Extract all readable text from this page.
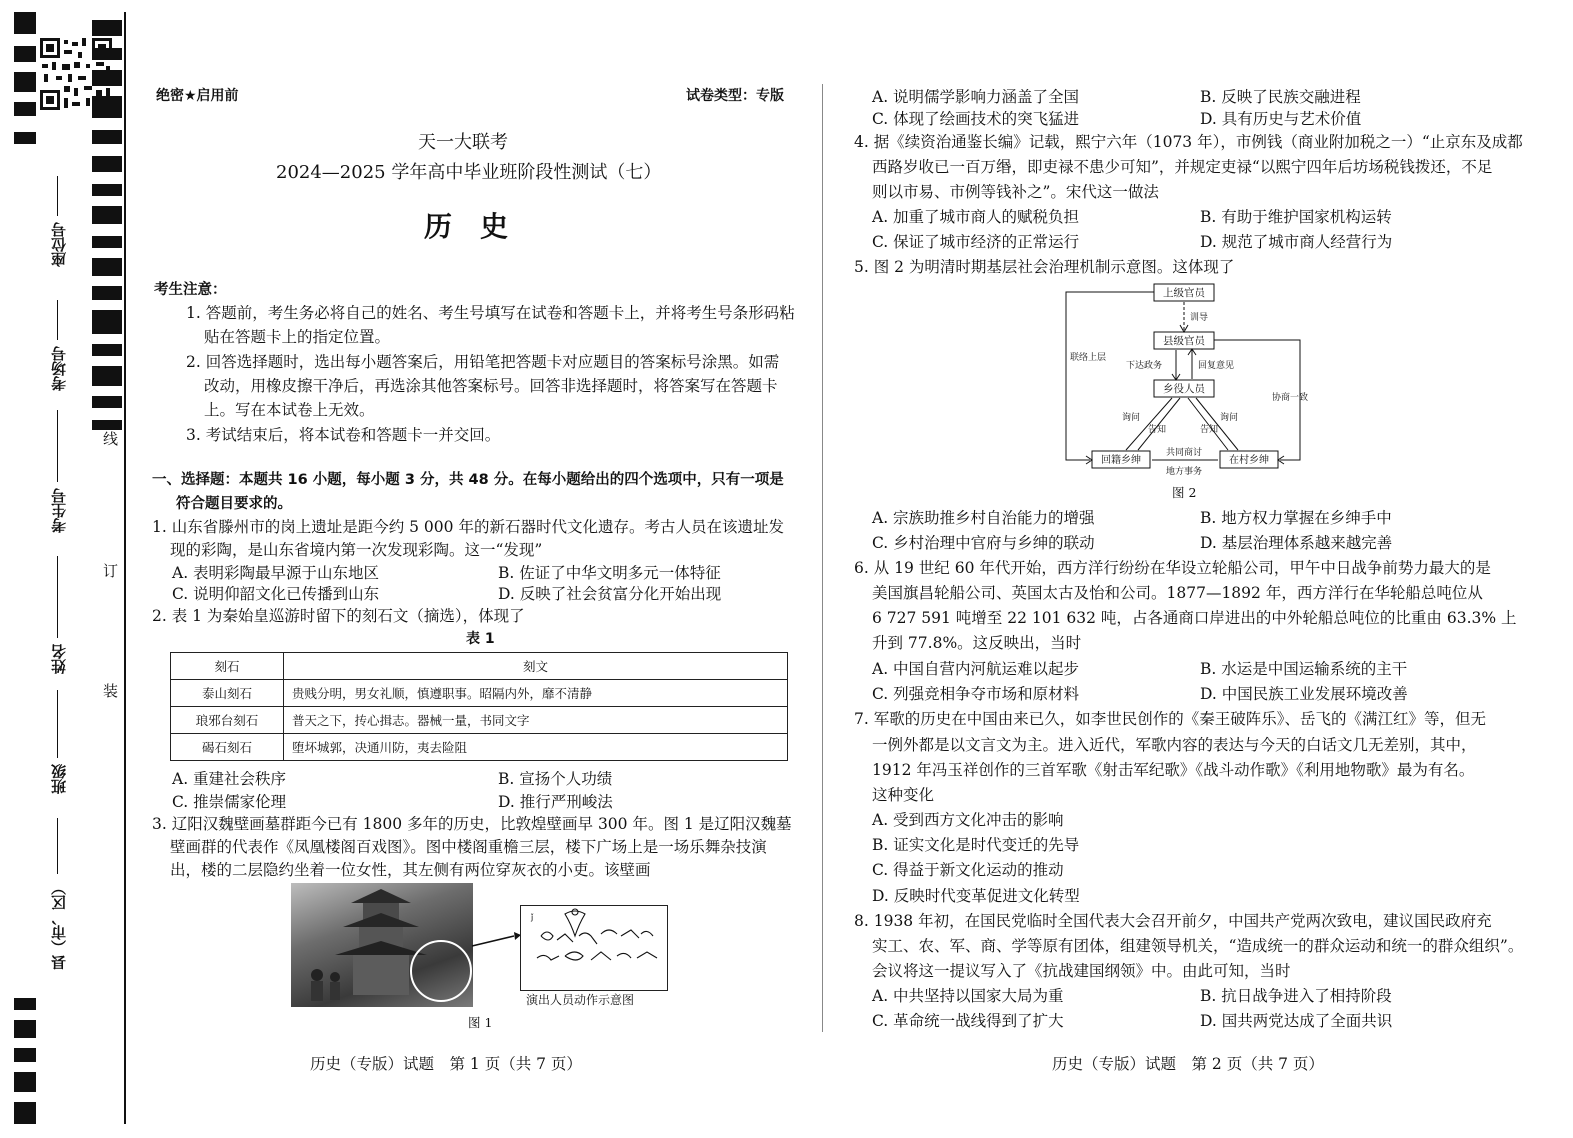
座位号
考场号
考生号
姓名
班级
县（市、区）
线
订
装
绝密★启用前	试卷类型：专版
天一大联考
2024—2025 学年高中毕业班阶段性测试（七）
历　史
考生注意：
1. 答题前，考生务必将自己的姓名、考生号填写在试卷和答题卡上，并将考生号条形码粘
贴在答题卡上的指定位置。
2. 回答选择题时，选出每小题答案后，用铅笔把答题卡对应题目的答案标号涂黑。如需
改动，用橡皮擦干净后，再选涂其他答案标号。回答非选择题时，将答案写在答题卡
上。写在本试卷上无效。
3. 考试结束后，将本试卷和答题卡一并交回。
一、选择题：本题共 16 小题，每小题 3 分，共 48 分。在每小题给出的四个选项中，只有一项是
符合题目要求的。
1. 山东省滕州市的岗上遗址是距今约 5 000 年的新石器时代文化遗存。考古人员在该遗址发
现的彩陶，是山东省境内第一次发现彩陶。这一“发现”
A. 表明彩陶最早源于山东地区	B. 佐证了中华文明多元一体特征
C. 说明仰韶文化已传播到山东	D. 反映了社会贫富分化开始出现
2. 表 1 为秦始皇巡游时留下的刻石文（摘选），体现了
表 1
刻石	刻文
泰山刻石	贵贱分明，男女礼顺，慎遵职事。昭隔内外，靡不清静
琅邪台刻石	普天之下，抟心揖志。器械一量，书同文字
碣石刻石	堕坏城郭，决通川防，夷去险阻
A. 重建社会秩序	B. 宣扬个人功绩
C. 推崇儒家伦理	D. 推行严刑峻法
3. 辽阳汉魏壁画墓群距今已有 1800 多年的历史，比敦煌壁画早 300 年。图 1 是辽阳汉魏墓
壁画群的代表作《凤凰楼阁百戏图》。图中楼阁重檐三层，楼下广场上是一场乐舞杂技演
出，楼的二层隐约坐着一位女性，其左侧有两位穿灰衣的小吏。该壁画
ǰ
演出人员动作示意图
图 1
历史（专版）试题　第 1 页（共 7 页）
A. 说明儒学影响力涵盖了全国	B. 反映了民族交融进程
C. 体现了绘画技术的突飞猛进	D. 具有历史与艺术价值
4. 据《续资治通鉴长编》记载，熙宁六年（1073 年），市例钱（商业附加税之一）“止京东及成都
西路岁收已一百万缗，即吏禄不患少可知”，并规定吏禄“以熙宁四年后坊场税钱拨还，不足
则以市易、市例等钱补之”。宋代这一做法
A. 加重了城市商人的赋税负担	B. 有助于维护国家机构运转
C. 保证了城市经济的正常运行	D. 规范了城市商人经营行为
5. 图 2 为明清时期基层社会治理机制示意图。这体现了
上级官员
县级官员
乡役人员
回籍乡绅	在村乡绅
训导
下达政务	回复意见
联络上层
协商一致
询问	询问
告知	告知
共同商讨
地方事务
图 2
A. 宗族助推乡村自治能力的增强	B. 地方权力掌握在乡绅手中
C. 乡村治理中官府与乡绅的联动	D. 基层治理体系越来越完善
6. 从 19 世纪 60 年代开始，西方洋行纷纷在华设立轮船公司，甲午中日战争前势力最大的是
美国旗昌轮船公司、英国太古及怡和公司。1877—1892 年，西方洋行在华轮船总吨位从
6 727 591 吨增至 22 101 632 吨，占各通商口岸进出的中外轮船总吨位的比重由 63.3% 上
升到 77.8%。这反映出，当时
A. 中国自营内河航运难以起步	B. 水运是中国运输系统的主干
C. 列强竞相争夺市场和原材料	D. 中国民族工业发展环境改善
7. 军歌的历史在中国由来已久，如李世民创作的《秦王破阵乐》、岳飞的《满江红》等，但无
一例外都是以文言文为主。进入近代，军歌内容的表达与今天的白话文几无差别，其中，
1912 年冯玉祥创作的三首军歌《射击军纪歌》《战斗动作歌》《利用地物歌》最为有名。
这种变化
A. 受到西方文化冲击的影响
B. 证实文化是时代变迁的先导
C. 得益于新文化运动的推动
D. 反映时代变革促进文化转型
8. 1938 年初，在国民党临时全国代表大会召开前夕，中国共产党两次致电，建议国民政府充
实工、农、军、商、学等原有团体，组建领导机关，“造成统一的群众运动和统一的群众组织”。
会议将这一提议写入了《抗战建国纲领》中。由此可知，当时
A. 中共坚持以国家大局为重	B. 抗日战争进入了相持阶段
C. 革命统一战线得到了扩大	D. 国共两党达成了全面共识
历史（专版）试题　第 2 页（共 7 页）
